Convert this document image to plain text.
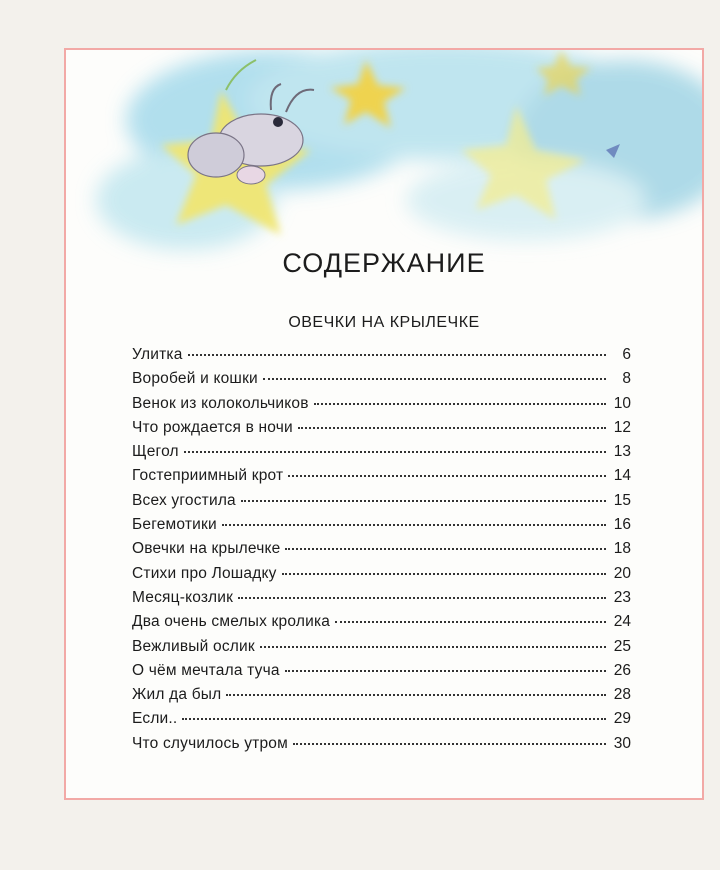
СОДЕРЖАНИЕ
ОВЕЧКИ НА КРЫЛЕЧКЕ
Улитка	6
Воробей и кошки	8
Венок из колокольчиков	10
Что рождается в ночи	12
Щегол	13
Гостеприимный крот	14
Всех угостила	15
Бегемотики	16
Овечки на крылечке	18
Стихи про Лошадку	20
Месяц-козлик	23
Два очень смелых кролика	24
Вежливый ослик	25
О чём мечтала туча	26
Жил да был	28
Если..	29
Что случилось утром	30
